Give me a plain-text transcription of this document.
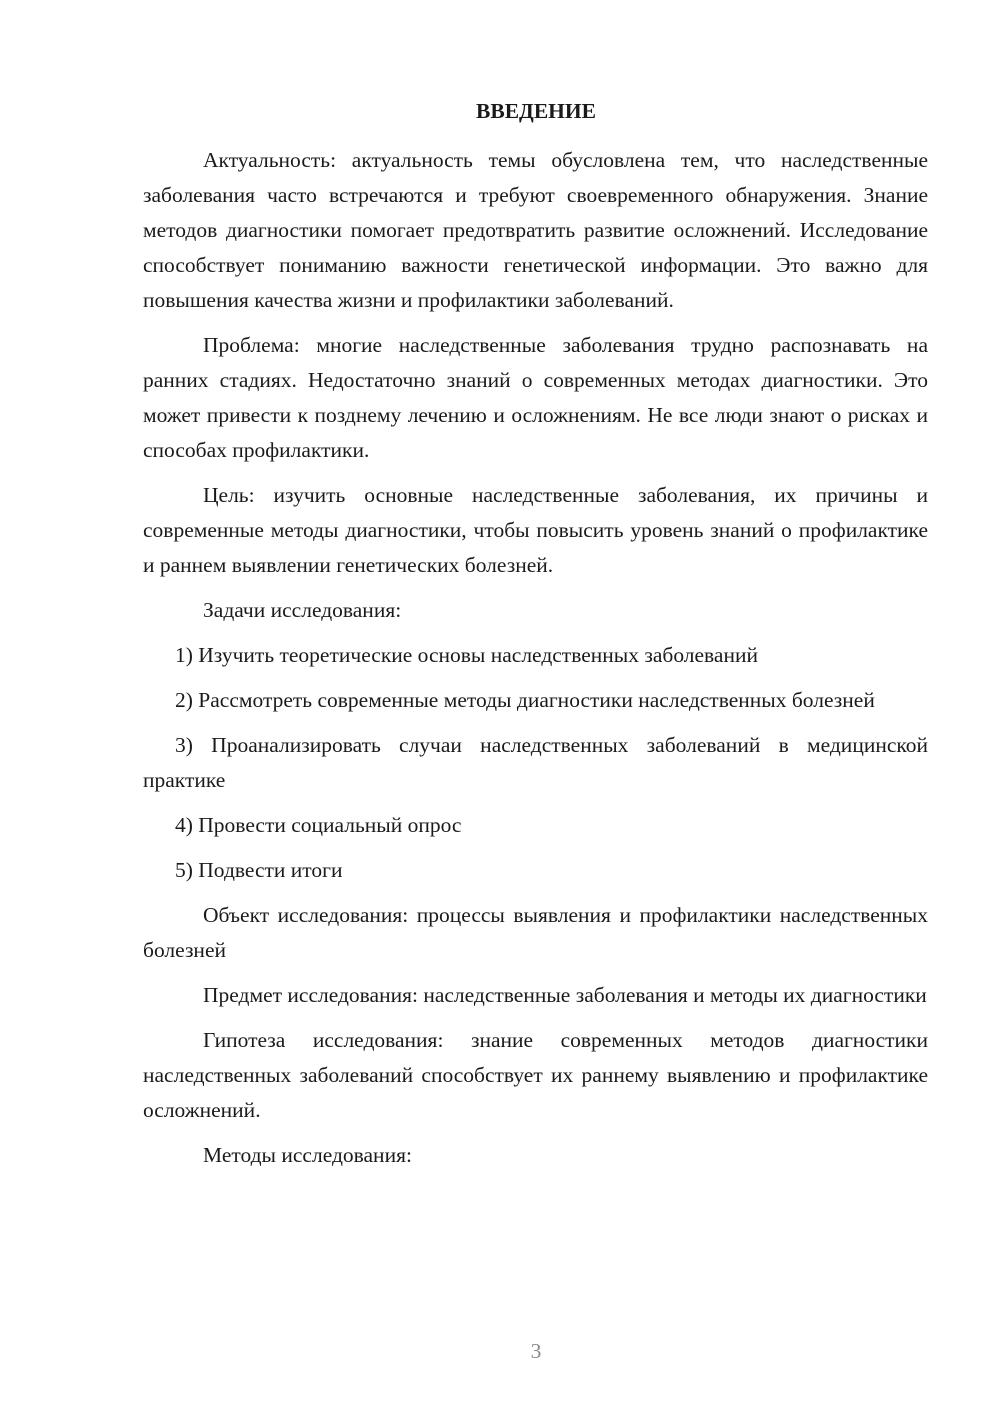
ВВЕДЕНИЕ

Актуальность: актуальность темы обусловлена тем, что наследственные заболевания часто встречаются и требуют своевременного обнаружения. Знание методов диагностики помогает предотвратить развитие осложнений. Исследование способствует пониманию важности генетической информации. Это важно для повышения качества жизни и профилактики заболеваний.

Проблема: многие наследственные заболевания трудно распознавать на ранних стадиях. Недостаточно знаний о современных методах диагностики. Это может привести к позднему лечению и осложнениям. Не все люди знают о рисках и способах профилактики.

Цель: изучить основные наследственные заболевания, их причины и современные методы диагностики, чтобы повысить уровень знаний о профилактике и раннем выявлении генетических болезней.

Задачи исследования:

1) Изучить теоретические основы наследственных заболеваний

2) Рассмотреть современные методы диагностики наследственных болезней

3) Проанализировать случаи наследственных заболеваний в медицинской практике

4) Провести социальный опрос

5) Подвести итоги

Объект исследования: процессы выявления и профилактики наследственных болезней

Предмет исследования: наследственные заболевания и методы их диагностики

Гипотеза исследования: знание современных методов диагностики наследственных заболеваний способствует их раннему выявлению и профилактике осложнений.

Методы исследования:

3
